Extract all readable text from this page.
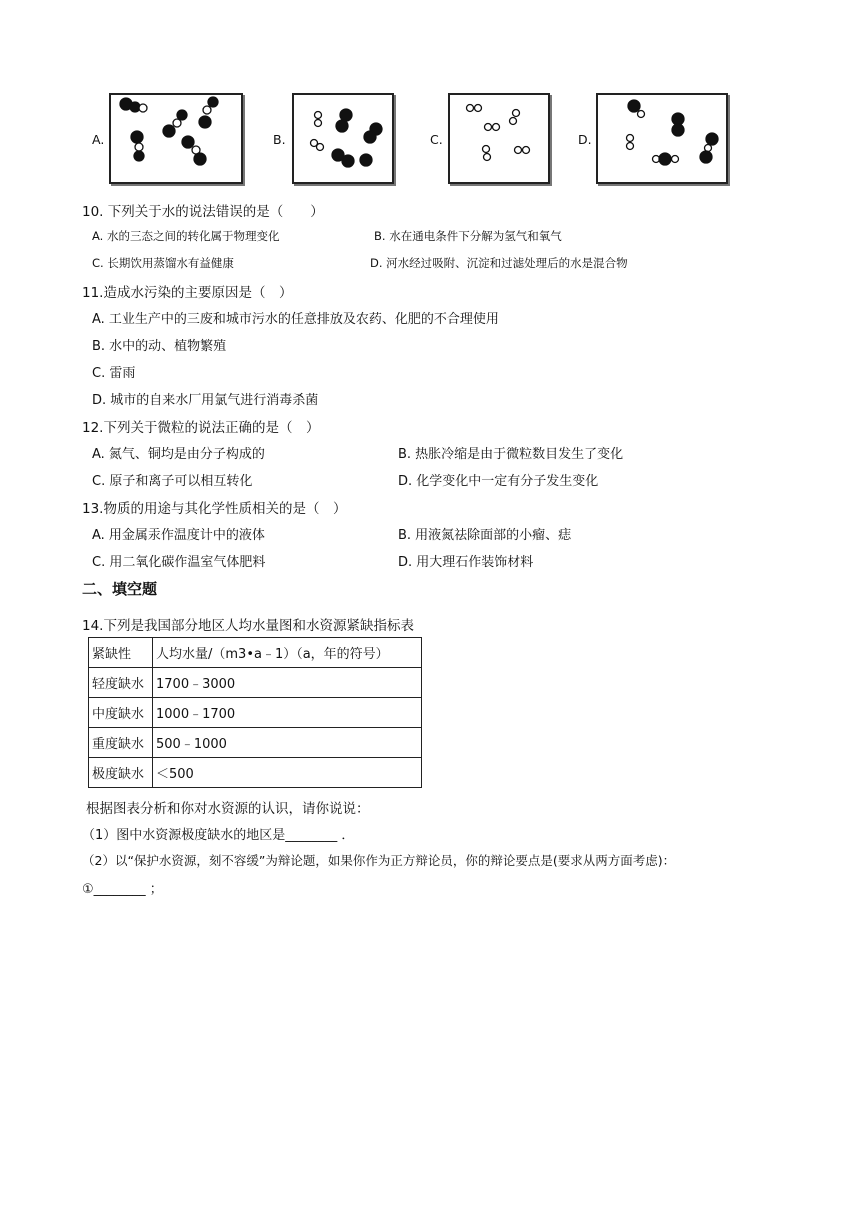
A.	B.	C.	D.
10. 下列关于水的说法错误的是（　　）
A. 水的三态之间的转化属于物理变化	B. 水在通电条件下分解为氢气和氧气
C. 长期饮用蒸馏水有益健康	D. 河水经过吸附、沉淀和过滤处理后的水是混合物
11.造成水污染的主要原因是（　）
A. 工业生产中的三废和城市污水的任意排放及农药、化肥的不合理使用
B. 水中的动、植物繁殖
C. 雷雨
D. 城市的自来水厂用氯气进行消毒杀菌
12.下列关于微粒的说法正确的是（　）
A. 氮气、铜均是由分子构成的	B. 热胀冷缩是由于微粒数目发生了变化
C. 原子和离子可以相互转化	D. 化学变化中一定有分子发生变化
13.物质的用途与其化学性质相关的是（　）
A. 用金属汞作温度计中的液体	B. 用液氮祛除面部的小瘤、痣
C. 用二氧化碳作温室气体肥料	D. 用大理石作装饰材料
二、填空题
14.下列是我国部分地区人均水量图和水资源紧缺指标表
紧缺性	人均水量/（m3•a﹣1）（a，年的符号）
轻度缺水	1700﹣3000
中度缺水	1000﹣1700
重度缺水	500﹣1000
极度缺水	＜500
根据图表分析和你对水资源的认识，请你说说：
（1）图中水资源极度缺水的地区是________ ．
（2）以“保护水资源，刻不容缓”为辩论题，如果你作为正方辩论员，你的辩论要点是(要求从两方面考虑)：
①________ ；
